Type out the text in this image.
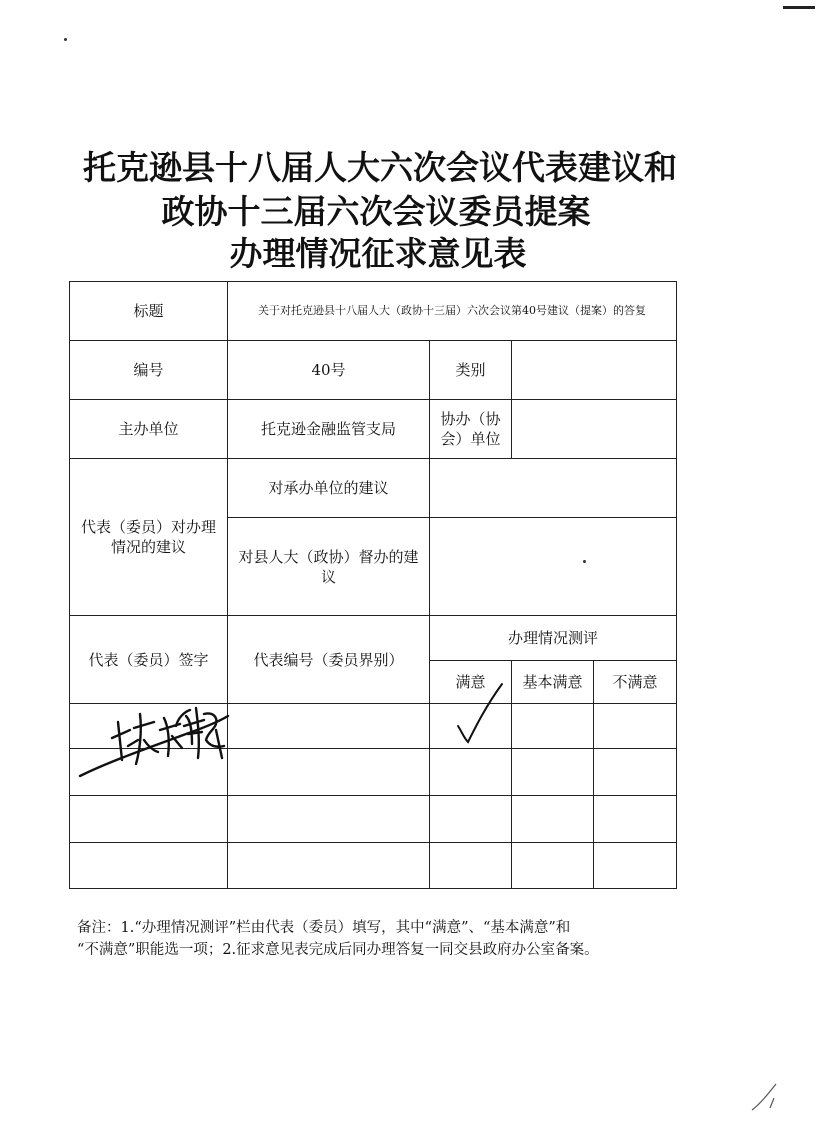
托克逊县十八届人大六次会议代表建议和
政协十三届六次会议委员提案
办理情况征求意见表
标题	关于对托克逊县十八届人大（政协十三届）六次会议第40号建议（提案）的答复			
编号	40号	类别		
主办单位	托克逊金融监管支局	协办（协会）单位		
代表（委员）对办理情况的建议	对承办单位的建议			
	对县人大（政协）督办的建议			
代表（委员）签字	代表编号（委员界别）	办理情况测评		
		满意	基本满意	不满意

备注：1.“办理情况测评”栏由代表（委员）填写，其中“满意”、“基本满意”和
“不满意”职能选一项；2.征求意见表完成后同办理答复一同交县政府办公室备案。
